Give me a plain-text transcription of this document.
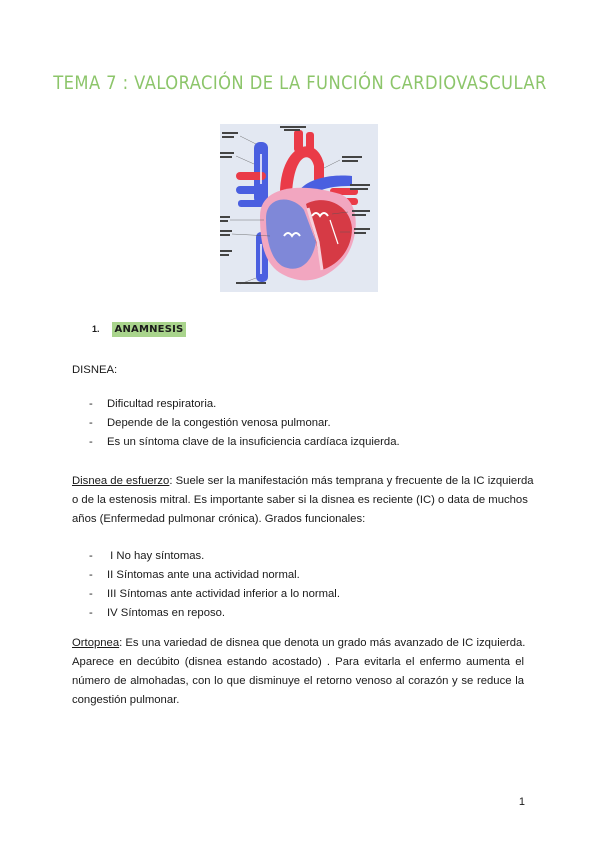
TEMA 7 : VALORACIÓN DE LA FUNCIÓN CARDIOVASCULAR
1.	ANAMNESIS
DISNEA:
- Dificultad respiratoria.
- Depende de la congestión venosa pulmonar.
- Es un síntoma clave de la insuficiencia cardíaca izquierda.
Disnea de esfuerzo: Suele ser la manifestación más temprana y frecuente de la IC izquierda
o de la estenosis mitral. Es importante saber si la disnea es reciente (IC) o data de muchos
años (Enfermedad pulmonar crónica). Grados funcionales:
- I No hay síntomas.
- II Síntomas ante una actividad normal.
- III Síntomas ante actividad inferior a lo normal.
- IV Síntomas en reposo.
Ortopnea: Es una variedad de disnea que denota un grado más avanzado de IC izquierda.
Aparece en decúbito (disnea estando acostado) . Para evitarla el enfermo aumenta el
número de almohadas, con lo que disminuye el retorno venoso al corazón y se reduce la
congestión pulmonar.
1
